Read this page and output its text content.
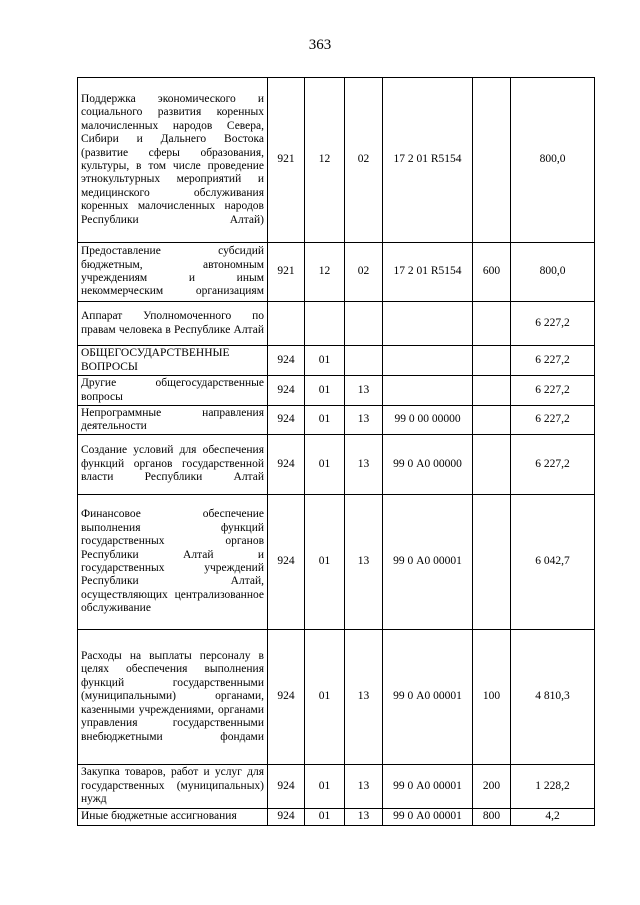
363
Поддержка экономического и социального развития коренных малочисленных народов Севера, Сибири и Дальнего Востока (развитие сферы образования, культуры, в том числе проведение этнокультурных мероприятий и медицинского обслуживания коренных малочисленных народов Республики Алтай)	921	12	02	17 2 01 R5154		800,0
Предоставление субсидий бюджетным, автономным учреждениям и иным некоммерческим организациям	921	12	02	17 2 01 R5154	600	800,0
Аппарат Уполномоченного по правам человека в Республике Алтай						6 227,2
ОБЩЕГОСУДАРСТВЕННЫЕ ВОПРОСЫ	924	01				6 227,2
Другие общегосударственные вопросы	924	01	13			6 227,2
Непрограммные направления деятельности	924	01	13	99 0 00 00000		6 227,2
Создание условий для обеспечения функций органов государственной власти Республики Алтай	924	01	13	99 0 А0 00000		6 227,2
Финансовое обеспечение выполнения функций государственных органов Республики Алтай и государственных учреждений Республики Алтай, осуществляющих централизованное обслуживание	924	01	13	99 0 А0 00001		6 042,7
Расходы на выплаты персоналу в целях обеспечения выполнения функций государственными (муниципальными) органами, казенными учреждениями, органами управления государственными внебюджетными фондами	924	01	13	99 0 А0 00001	100	4 810,3
Закупка товаров, работ и услуг для государственных (муниципальных) нужд	924	01	13	99 0 А0 00001	200	1 228,2
Иные бюджетные ассигнования	924	01	13	99 0 А0 00001	800	4,2
